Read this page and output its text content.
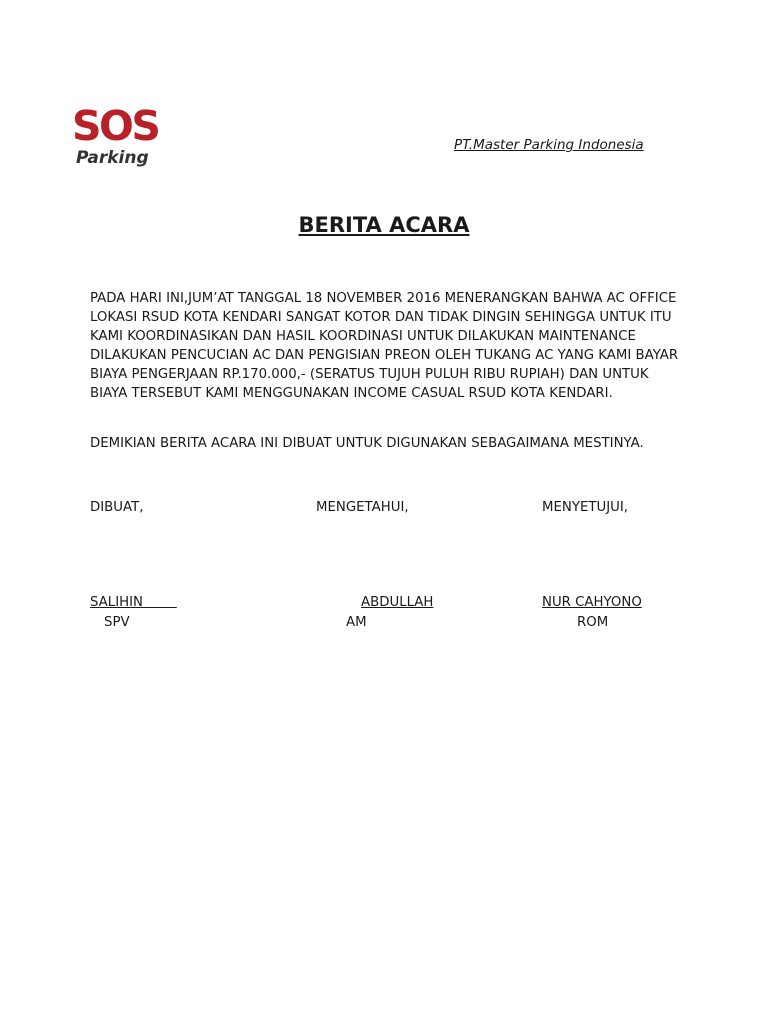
SOS
Parking
PT.Master Parking Indonesia
BERITA ACARA

PADA HARI INI,JUM’AT TANGGAL 18 NOVEMBER 2016 MENERANGKAN BAHWA AC OFFICE LOKASI RSUD KOTA KENDARI SANGAT KOTOR DAN TIDAK DINGIN SEHINGGA UNTUK ITU KAMI KOORDINASIKAN DAN HASIL KOORDINASI UNTUK DILAKUKAN MAINTENANCE DILAKUKAN PENCUCIAN AC DAN PENGISIAN PREON OLEH TUKANG AC YANG KAMI BAYAR BIAYA PENGERJAAN RP.170.000,- (SERATUS TUJUH PULUH RIBU RUPIAH) DAN UNTUK BIAYA TERSEBUT KAMI MENGGUNAKAN INCOME CASUAL RSUD KOTA KENDARI.

DEMIKIAN BERITA ACARA INI DIBUAT UNTUK DIGUNAKAN SEBAGAIMANA MESTINYA.

DIBUAT,	MENGETAHUI,	MENYETUJUI,
SALIHIN	ABDULLAH	NUR CAHYONO
SPV	AM	ROM
